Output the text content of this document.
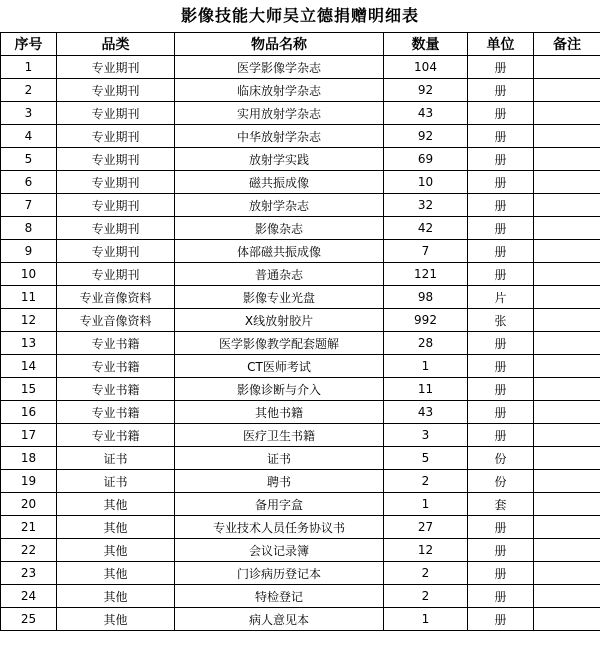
影像技能大师吴立德捐赠明细表
序号	品类	物品名称	数量	单位	备注
1	专业期刊	医学影像学杂志	104	册	
2	专业期刊	临床放射学杂志	92	册	
3	专业期刊	实用放射学杂志	43	册	
4	专业期刊	中华放射学杂志	92	册	
5	专业期刊	放射学实践	69	册	
6	专业期刊	磁共振成像	10	册	
7	专业期刊	放射学杂志	32	册	
8	专业期刊	影像杂志	42	册	
9	专业期刊	体部磁共振成像	7	册	
10	专业期刊	普通杂志	121	册	
11	专业音像资料	影像专业光盘	98	片	
12	专业音像资料	X线放射胶片	992	张	
13	专业书籍	医学影像教学配套题解	28	册	
14	专业书籍	CT医师考试	1	册	
15	专业书籍	影像诊断与介入	11	册	
16	专业书籍	其他书籍	43	册	
17	专业书籍	医疗卫生书籍	3	册	
18	证书	证书	5	份	
19	证书	聘书	2	份	
20	其他	备用字盒	1	套	
21	其他	专业技术人员任务协议书	27	册	
22	其他	会议记录簿	12	册	
23	其他	门诊病历登记本	2	册	
24	其他	特检登记	2	册	
25	其他	病人意见本	1	册	
